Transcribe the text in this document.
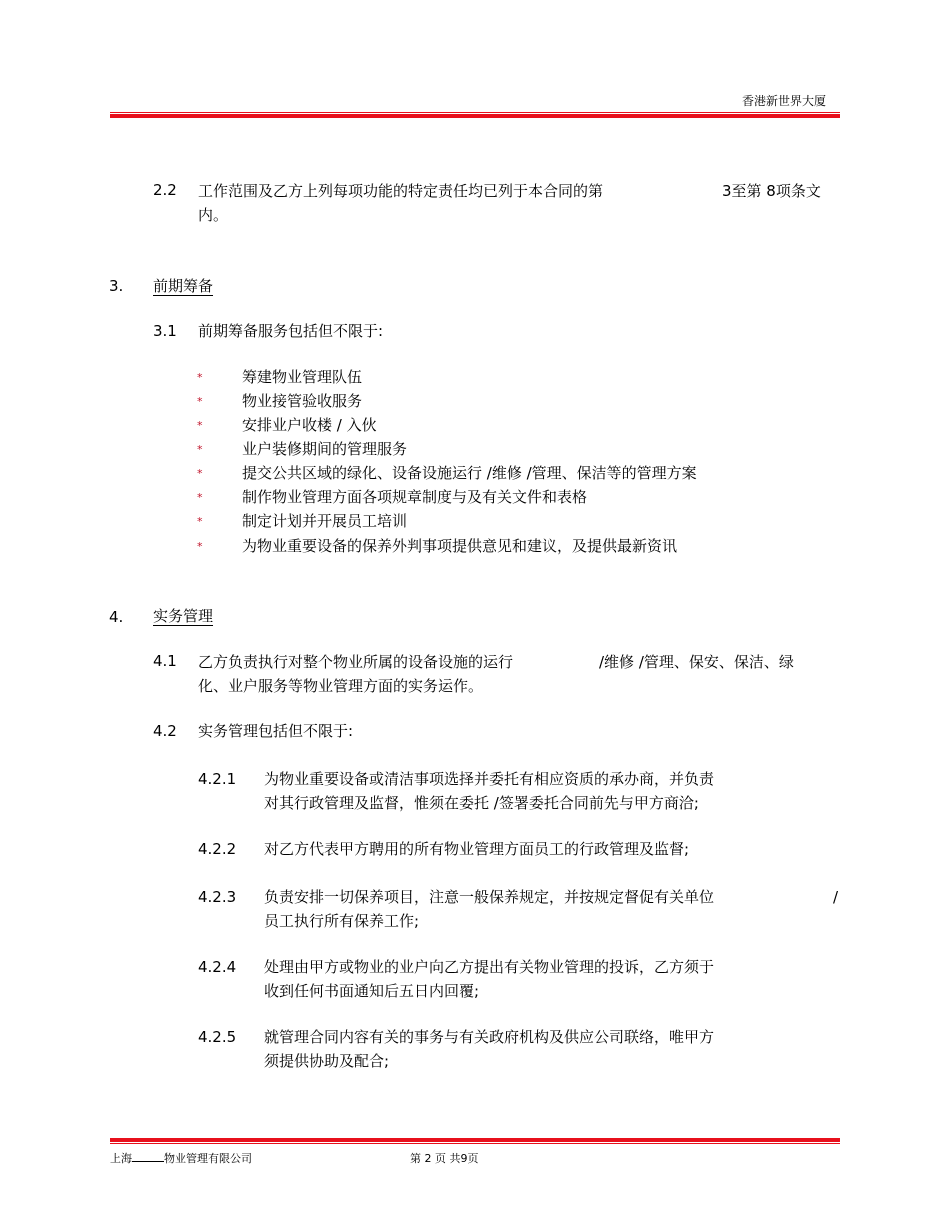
香港新世界大厦
2.2 工作范围及乙方上列每项功能的特定责任均已列于本合同的第	3至第 8项条文
内。
3. 前期筹备
3.1 前期筹备服务包括但不限于:
*	筹建物业管理队伍
*	物业接管验收服务
*	安排业户收楼 / 入伙
*	业户装修期间的管理服务
*	提交公共区域的绿化、设备设施运行 /维修 /管理、保洁等的管理方案
*	制作物业管理方面各项规章制度与及有关文件和表格
*	制定计划并开展员工培训
*	为物业重要设备的保养外判事项提供意见和建议，及提供最新资讯
4. 实务管理
4.1 乙方负责执行对整个物业所属的设备设施的运行	/维修 /管理、保安、保洁、绿
化、业户服务等物业管理方面的实务运作。
4.2 实务管理包括但不限于:
4.2.1 为物业重要设备或清洁事项选择并委托有相应资质的承办商，并负责
对其行政管理及监督，惟须在委托 /签署委托合同前先与甲方商洽;
4.2.2 对乙方代表甲方聘用的所有物业管理方面员工的行政管理及监督;
4.2.3 负责安排一切保养项目，注意一般保养规定，并按规定督促有关单位	/
员工执行所有保养工作;
4.2.4 处理由甲方或物业的业户向乙方提出有关物业管理的投诉，乙方须于
收到任何书面通知后五日内回覆;
4.2.5 就管理合同内容有关的事务与有关政府机构及供应公司联络，唯甲方
须提供协助及配合;
上海	物业管理有限公司	第 2 页 共9页
